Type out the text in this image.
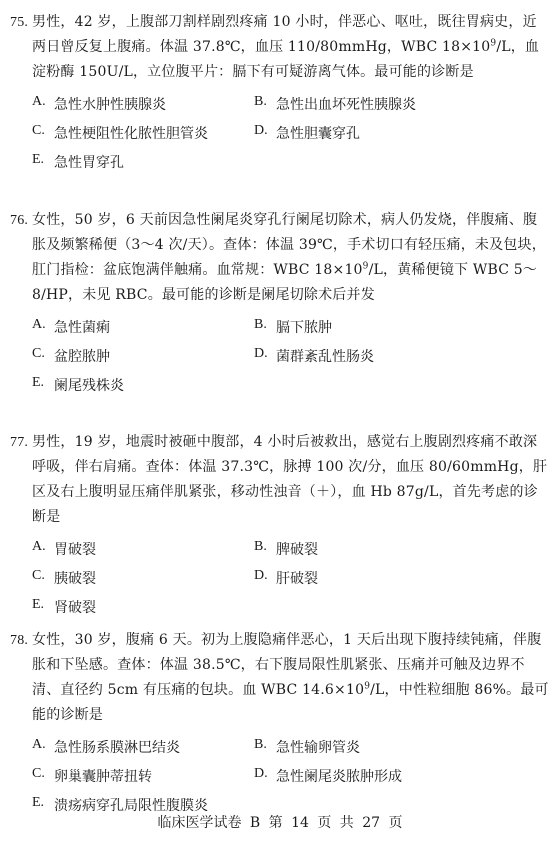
75. 男性，42 岁，上腹部刀割样剧烈疼痛 10 小时，伴恶心、呕吐，既往胃病史，近两日曾反复上腹痛。体温 37.8℃，血压 110/80mmHg，WBC $18\times 10^9/L$，血淀粉酶 150U/L，立位腹平片：膈下有可疑游离气体。最可能的诊断是
A. 急性水肿性胰腺炎	B. 急性出血坏死性胰腺炎
C. 急性梗阻性化脓性胆管炎	D. 急性胆囊穿孔
E. 急性胃穿孔
76. 女性，50 岁，6 天前因急性阑尾炎穿孔行阑尾切除术，病人仍发烧，伴腹痛、腹胀及频繁稀便（3～4 次/天）。查体：体温 39℃，手术切口有轻压痛，未及包块，肛门指检：盆底饱满伴触痛。血常规：WBC $18\times 10^9/L$，黄稀便镜下 WBC 5～8/HP，未见 RBC。最可能的诊断是阑尾切除术后并发
A. 急性菌痢	B. 膈下脓肿
C. 盆腔脓肿	D. 菌群紊乱性肠炎
E. 阑尾残株炎
77. 男性，19 岁，地震时被砸中腹部，4 小时后被救出，感觉右上腹剧烈疼痛不敢深呼吸，伴右肩痛。查体：体温 37.3℃，脉搏 100 次/分，血压 80/60mmHg，肝区及右上腹明显压痛伴肌紧张，移动性浊音（＋），血 Hb 87g/L，首先考虑的诊断是
A. 胃破裂	B. 脾破裂
C. 胰破裂	D. 肝破裂
E. 肾破裂
78. 女性，30 岁，腹痛 6 天。初为上腹隐痛伴恶心，1 天后出现下腹持续钝痛，伴腹胀和下坠感。查体：体温 38.5℃，右下腹局限性肌紧张、压痛并可触及边界不清、直径约 5cm 有压痛的包块。血 WBC $14.6\times 10^9/L$，中性粒细胞 86%。最可能的诊断是
A. 急性肠系膜淋巴结炎	B. 急性输卵管炎
C. 卵巢囊肿蒂扭转	D. 急性阑尾炎脓肿形成
E. 溃疡病穿孔局限性腹膜炎
临床医学试卷 B 第 14 页 共 27 页
